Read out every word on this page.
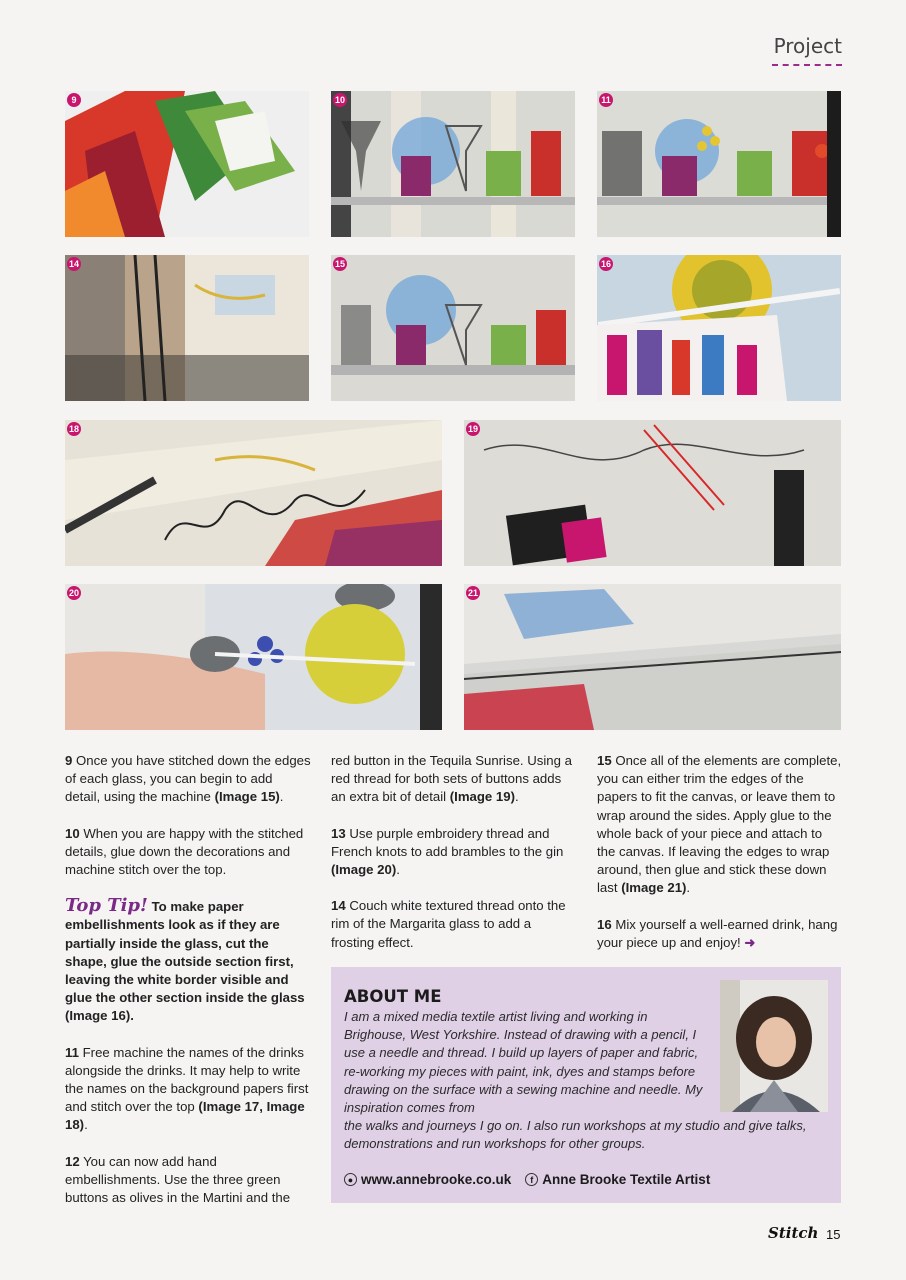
Project
9	10	11
14	15	16
18	19
20	21

9 Once you have stitched down the edges of each glass, you can begin to add detail, using the machine (Image 15).

10 When you are happy with the stitched details, glue down the decorations and machine stitch over the top.

Top Tip! To make paper embellishments look as if they are partially inside the glass, cut the shape, glue the outside section first, leaving the white border visible and glue the other section inside the glass (Image 16).

11 Free machine the names of the drinks alongside the drinks. It may help to write the names on the background papers first and stitch over the top (Image 17, Image 18).

12 You can now add hand embellishments. Use the three green buttons as olives in the Martini and the

red button in the Tequila Sunrise. Using a red thread for both sets of buttons adds an extra bit of detail (Image 19).

13 Use purple embroidery thread and French knots to add brambles to the gin (Image 20).

14 Couch white textured thread onto the rim of the Margarita glass to add a frosting effect.

15 Once all of the elements are complete, you can either trim the edges of the papers to fit the canvas, or leave them to wrap around the sides. Apply glue to the whole back of your piece and attach to the canvas. If leaving the edges to wrap around, then glue and stick these down last (Image 21).

16 Mix yourself a well-earned drink, hang your piece up and enjoy! ➜

ABOUT ME
I am a mixed media textile artist living and working in Brighouse, West Yorkshire. Instead of drawing with a pencil, I use a needle and thread. I build up layers of paper and fabric, re-working my pieces with paint, ink, dyes and stamps before drawing on the surface with a sewing machine and needle. My inspiration comes from
the walks and journeys I go on. I also run workshops at my studio and give talks, demonstrations and run workshops for other groups.
● www.annebrooke.co.uk	f Anne Brooke Textile Artist
Stitch 15
